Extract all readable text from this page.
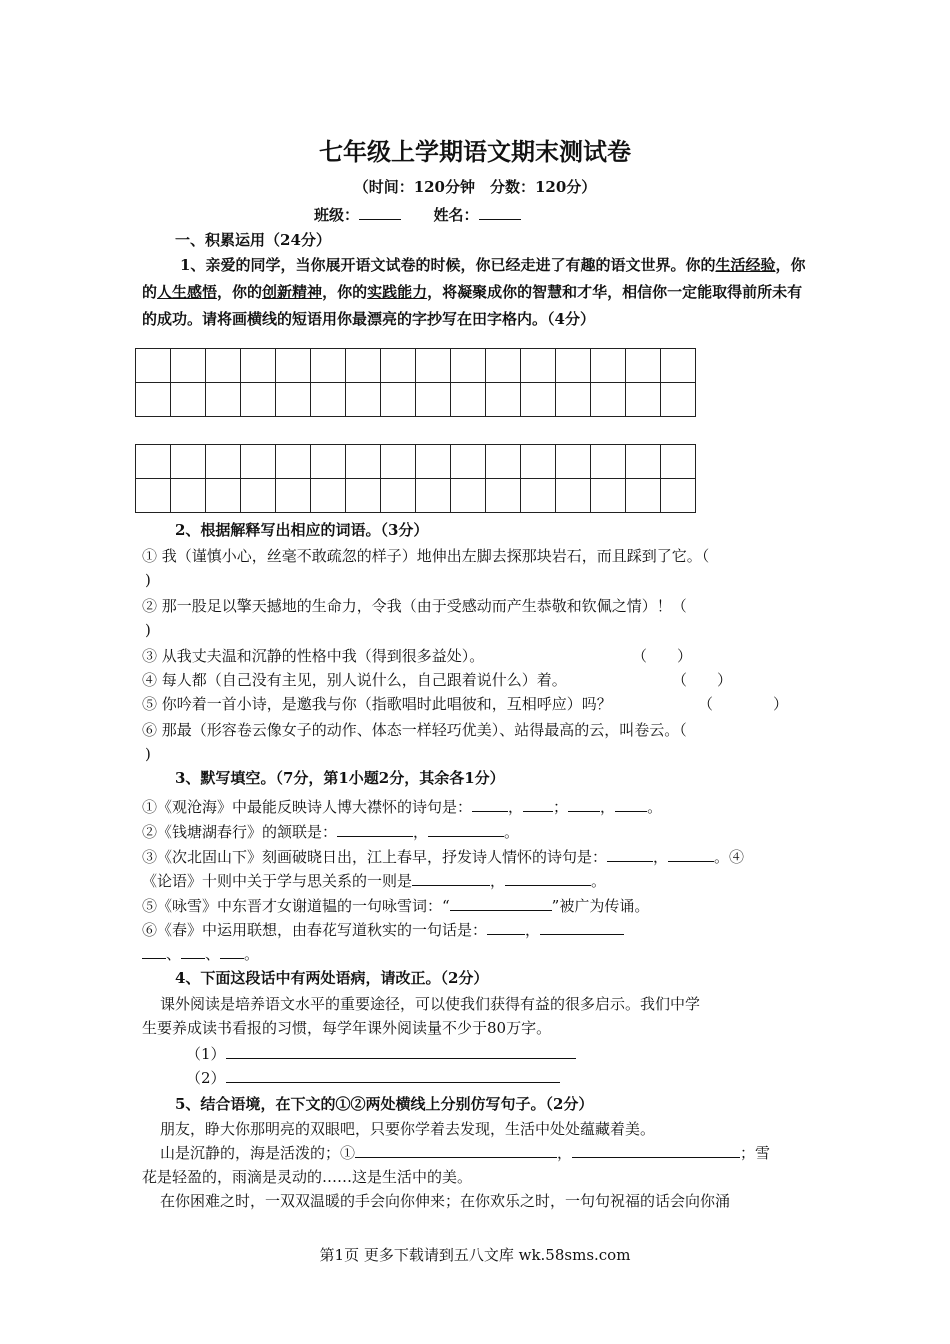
七年级上学期语文期末测试卷
（时间：120分钟　分数：120分）
班级：	姓名：
一、积累运用（24分）
1、亲爱的同学，当你展开语文试卷的时候，你已经走进了有趣的语文世界。你的生活经验，你的人生感悟，你的创新精神，你的实践能力，将凝聚成你的智慧和才华，相信你一定能取得前所未有的成功。请将画横线的短语用你最漂亮的字抄写在田字格内。（4分）

2、根据解释写出相应的词语。（3分）
① 我（谨慎小心，丝毫不敢疏忽的样子）地伸出左脚去探那块岩石，而且踩到了它。（
)
② 那一股足以擎天撼地的生命力，令我（由于受感动而产生恭敬和钦佩之情）！（
)
③ 从我丈夫温和沉静的性格中我（得到很多益处）。	（　　）
④ 每人都（自己没有主见，别人说什么，自己跟着说什么）着。	（　　）
⑤ 你吟着一首小诗，是邀我与你（指歌唱时此唱彼和，互相呼应）吗？	（　　　　）
⑥ 那最（形容卷云像女子的动作、体态一样轻巧优美）、站得最高的云，叫卷云。（
)
3、默写填空。（7分，第1小题2分，其余各1分）
①《观沧海》中最能反映诗人博大襟怀的诗句是： ， ； ， 。
②《钱塘湖春行》的颔联是：	，	。
③《次北固山下》刻画破晓日出，江上春早，抒发诗人情怀的诗句是：	，	。④
《论语》十则中关于学与思关系的一则是	，	。
⑤《咏雪》中东晋才女谢道韫的一句咏雪词：“	”被广为传诵。
⑥《春》中运用联想，由春花写道秋实的一句话是：	，
、 、 。
4、下面这段话中有两处语病，请改正。（2分）
课外阅读是培养语文水平的重要途径，可以使我们获得有益的很多启示。我们中学
生要养成读书看报的习惯，每学年课外阅读量不少于80万字。
（1）
（2）
5、结合语境，在下文的①②两处横线上分别仿写句子。（2分）
朋友，睁大你那明亮的双眼吧，只要你学着去发现，生活中处处蕴藏着美。
山是沉静的，海是活泼的；①	，	；雪
花是轻盈的，雨滴是灵动的……这是生活中的美。
在你困难之时，一双双温暖的手会向你伸来；在你欢乐之时，一句句祝福的话会向你涌
第1页 更多下载请到五八文库 wk.58sms.com
